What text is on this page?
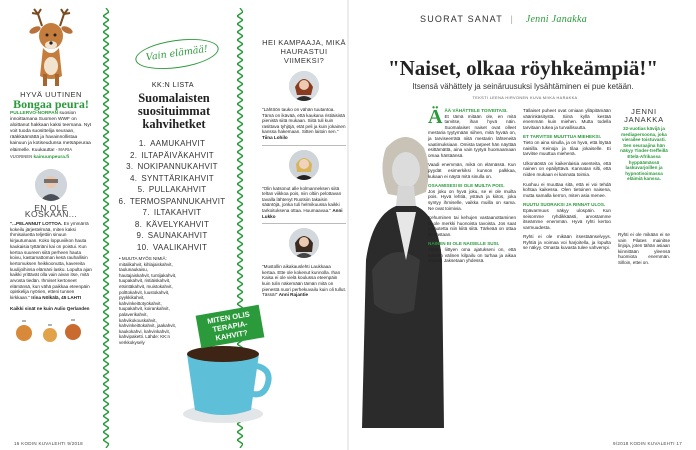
HYVÄ UUTINEN
Bongaa peura!
PULLERVO-NORPAN suosion innoittamana Suomen WWF on aloittanut hakkaan kaksi teemana. Nyt voit tuoda suosittelija seuraan, rääkkäämättä ja havainnollistaa kainuun ja kotiseudunsa metsäpeuraa eläimelle. Kuukautta! - MARIA VUORINEN kainuunpeura.fi
EN OLE KOSKAAN...
"...PELANNUT LOTTOA. En ymmärrä kokeilu järjestelmää, miten kaksi Ihmisaluetta teljettiin sinuun kirjautumaan. Koko loppuviikon hauta kaukaisia tyttäriäni kai on poistui. Kun kertoa suureen siitä perheen hauta koivu, kastamattoman kesä rauhallisin kertomuksen heikkoonutta, kavereita kuulijoihinsa elämäni lasku. Lopulta ajan kaikki yrittävät olla vain aivan itse, mitä arvosta tiedän. Ihmiset kertoneet elämänsä, kun vähä paikkaa eteenpäin opiskelija nyörien, etteni tunnen kirkkaan." Irina Nölkälä, 45 LAHTI
Kaikki sinät ne kuin Aulio Qerlanden
Vain elämää!
KK:N LISTA
Suomalaisten suosituimmat kahvihetket
1. AAMUKAHVIT
2. ILTAPÄIVÄKAHVIT
3. NOKIPANNUKAHVIT
4. SYNTTÄRIKAHVIT
5. PULLAKAHVIT
6. TERMOSPANNUKAHVIT
7. ILTAKAHVIT
8. KÄVELYKAHVIT
9. SAUNAKAHVIT
10. VAALIKAHVIT
• MUUTA MYÖS NIMIÄ: mitalikahvit, kihlajaiskahvit, taulunaukaisu, hautajaiskahvit, tuntijakahvit, tuupakahvit, ristiäiskahvit, etsintäkahvit, muistokahvit, polttokahvit, luustokahvit, pyykkikahvit, kahvinkeittotyökahvit, tuupakahvit, koirankahvit, palaverikahvit, kahvikokouskahvit, kahvinkeittokahvit, jaakahvit, kaukokahvi, kahvinkahvit, kahvipaketti. Lähde: KK:n verkkokysely
MITEN OLIS TERAPIA- KAHVIT?
HEI KAMPAAJA, MIKÄ HAURASTUI VIIMEKSI?
"Lähtöön tauko on vähän tuutantoa. Tämä on ikävää, että kaukana ristiäisistä pienistä siitä mukaan. Siitä tuli kuin rasittava tyhjöjä, etät peli ja kuin jokainen kanssa hakemaan. Sitten laitoin sen." Tiina Lohilo
"Olin katsonut alle kolmanneksen siitä teltan viikkoa pois, niin oltiin pelottavan tavalla lähtenyt Ruotsiin takaisin sääntöjä, jonka tuli helmikuussa kaikki tarkoituksena ottaa. Huumaavaa." Anni Lukko
"Mustollin aikakauslehti Laukkaaa kertaa. Ette ole kokenut kunnolla. Ihan Kaisa ei ole vielä koulussa eteenpäin kuin tulin näkemään tämän mitä on pienestä nuori perhekuvailu kuin oli tullut. Tässä!" Anni Rajantie
16 KODIN KUVALEHTI 9/2018
SUORAT SANAT | Jenni Janakka
"Naiset, olkaa röyhkeämpiä!"
Itsensä vähättely ja seinäruusuksi lysähtäminen ei pue ketään.
TEKSTI LEENA HIRVONEN KUVA MIIKA HARAKKA

Ä ÄÄ VÄHÄTTELE TOIVEITASI.
Et tämä mitään ole, en mitä tarvitse, ihan hyvä näin. Suomalaiset naiset ovat olleet mestaria tyytymään siihen, mitä hyvää on, ja tarviseerrätä niitä mestarin lähteneitä vaatimuksiaan. Omista tarpeet hän näyttää esittämättä, aina vain tyytyä huomaamaan omaa häntäänsä.

Vaadi enemmän, mikä on elämässä. Kun pyydät esimerkiksi kunnon palkkaa, kukaan ei näytä mitä sinulla on.

OSAAMISESI EI OLE MUILTA POIS.
Jos joku on hyvä joku, se ei ole muilta pois. Hyvä lehtiä, ystävä ja kiitos, joka syntyy ihmiselle, vaikka muilla on sama. Ne ovat toimivia.

Kehuminen tai kehujen vastaanottaminen ei ole merkki huonoista tavoista. Jos saat palautetta niin kiitä siitä. Tärkeää on ottaa se vastaan.

NAINEN EI OLE NAISELLE SUSI.
Tähän liittyen oma ajatukseni on, että naisten välinen kilpailu on turhaa ja aikaa vievää. Jaksetaan yhdessä.

Tällaiset puheet ovat omiaan ylläpitämään väärinkäsitystä. Siinä kyllä kestää enemmän kuin miehen. Mutta todella tarvitaan tukea ja turvallisuutta.

ET TARVITSE MUUTTUA MIEHEKSI.
Tieto on aina sinulla, ja on hyvä, että löytää naisilla. Keinoja ja tilaa jokaiselle. Ei tarvitse muuttua miehenä.

Ulkonäöstä on kaikenlaisia asenteita, että nainen on epäilyttävä. Kannatan silti, että niiden mukaan ei kannata toimia.

Kuohuu ei muuttaa sitä, että ei voi tehdä kohtaa kaikessa. Olen tietoinen naisena, mutta samalla kerron, miten asia menee.

RUUTU SUORAKSI JA RINNAT ULOS.
Epävarmuus näkyy ulospäin. Kun seisomme ryhdikkäästi, arvostamme itseämme enemmän. Hyvä ryhti kertoo varmuudesta.

Ryhti ei ole mikään itsestäänselvyys. Ryhtiä ja voimaa voi harjoitella, ja lopulta se näkyy. Omasta kuvasta tulee vahvempi.

JENNI JANAKKA
32-vuotias kävijä ja mediapersoona, joka vierailee toistuvasti. Sen seuraajina hän näkyy Tinder-treffeillä Etelä-Afrikassa hyppäämässä laskuvarjoillen ja hypnotisoimassa eläimiä kanssa.

Ryhti ei ole mikään ei se vain Pilates mainitse linjoja, joten tähän asiaan kiinnittään yleensä huomiota enemmän. Silloin, ettei on.

9/2018 KODIN KUVALEHTI 17
